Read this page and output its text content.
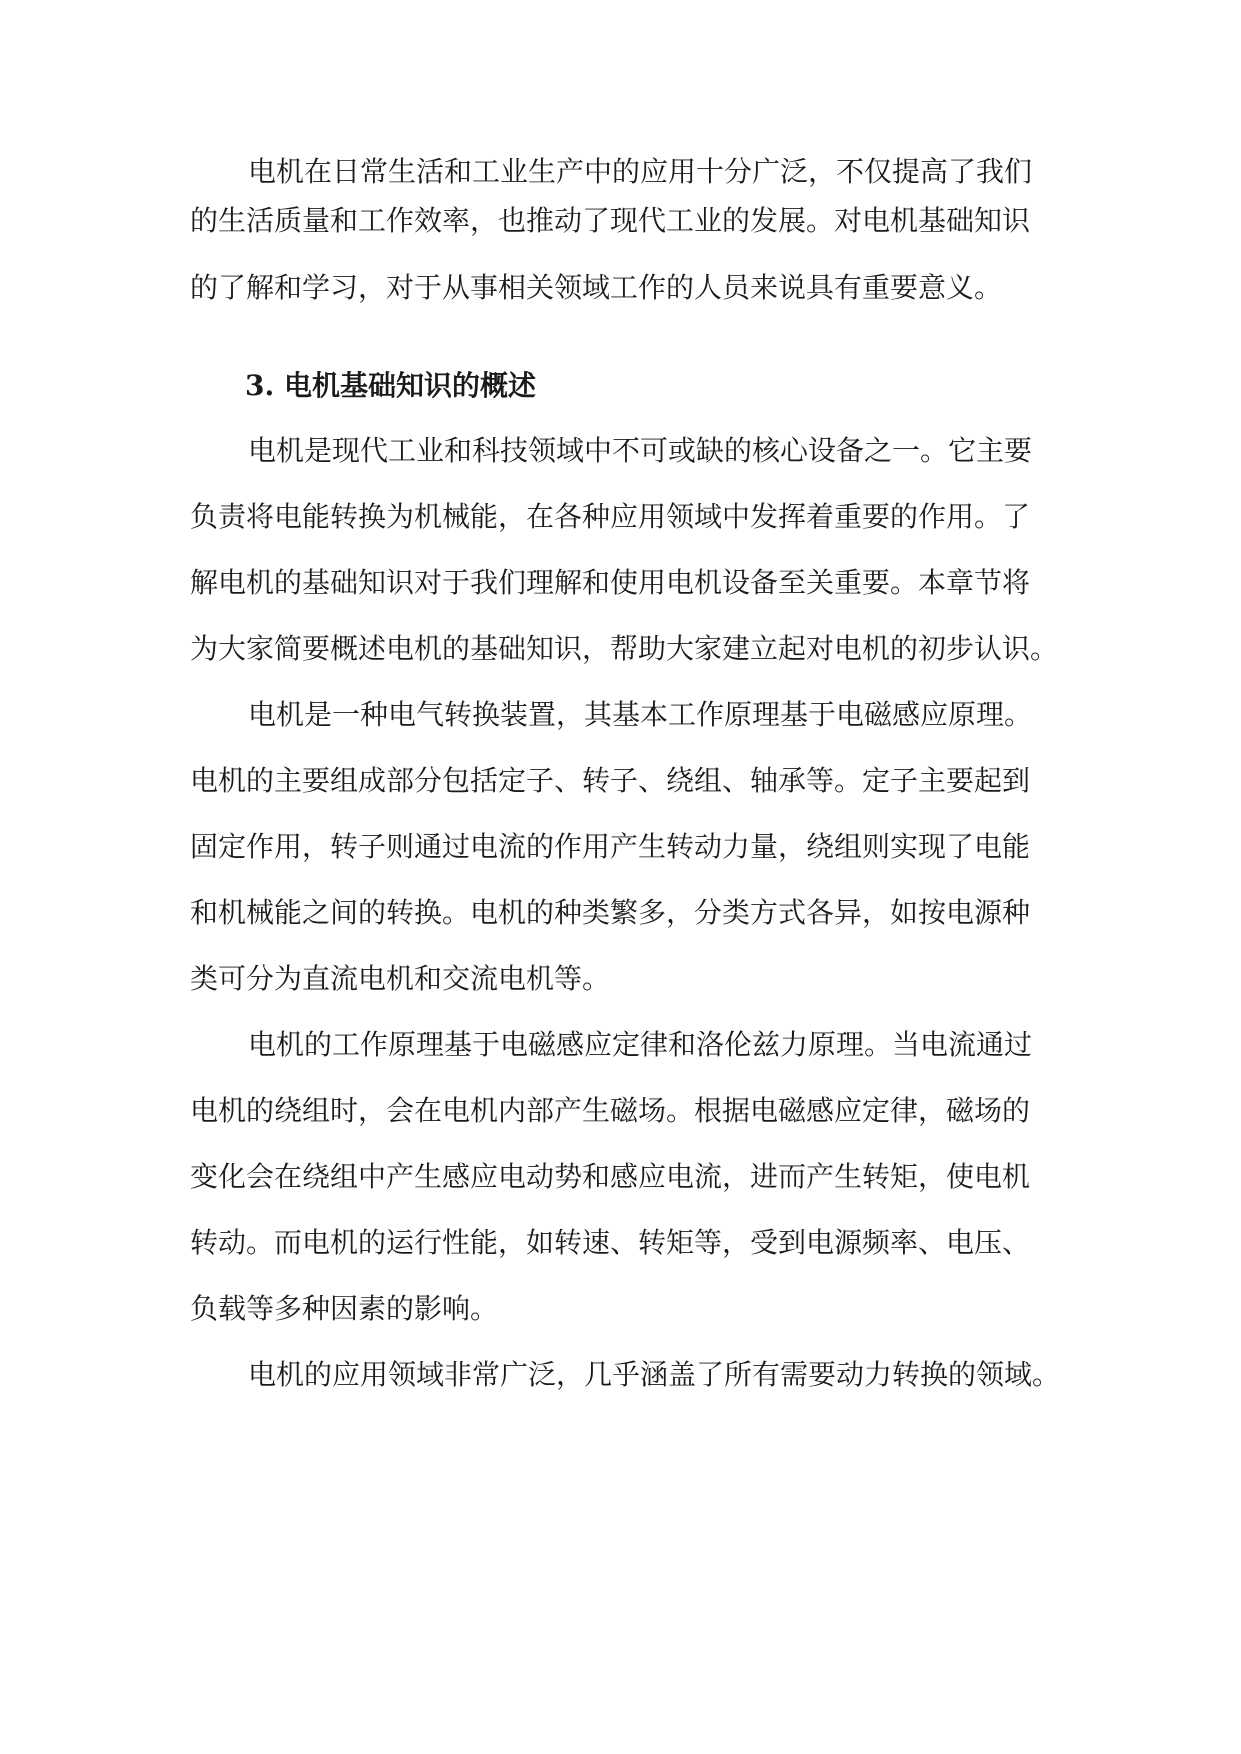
电机在日常生活和工业生产中的应用十分广泛，不仅提高了我们

的生活质量和工作效率，也推动了现代工业的发展。对电机基础知识

的了解和学习，对于从事相关领域工作的人员来说具有重要意义。

3. 电机基础知识的概述

电机是现代工业和科技领域中不可或缺的核心设备之一。它主要

负责将电能转换为机械能，在各种应用领域中发挥着重要的作用。了

解电机的基础知识对于我们理解和使用电机设备至关重要。本章节将

为大家简要概述电机的基础知识，帮助大家建立起对电机的初步认识。

电机是一种电气转换装置，其基本工作原理基于电磁感应原理。

电机的主要组成部分包括定子、转子、绕组、轴承等。定子主要起到

固定作用，转子则通过电流的作用产生转动力量，绕组则实现了电能

和机械能之间的转换。电机的种类繁多，分类方式各异，如按电源种

类可分为直流电机和交流电机等。

电机的工作原理基于电磁感应定律和洛伦兹力原理。当电流通过

电机的绕组时，会在电机内部产生磁场。根据电磁感应定律，磁场的

变化会在绕组中产生感应电动势和感应电流，进而产生转矩，使电机

转动。而电机的运行性能，如转速、转矩等，受到电源频率、电压、

负载等多种因素的影响。

电机的应用领域非常广泛，几乎涵盖了所有需要动力转换的领域。
